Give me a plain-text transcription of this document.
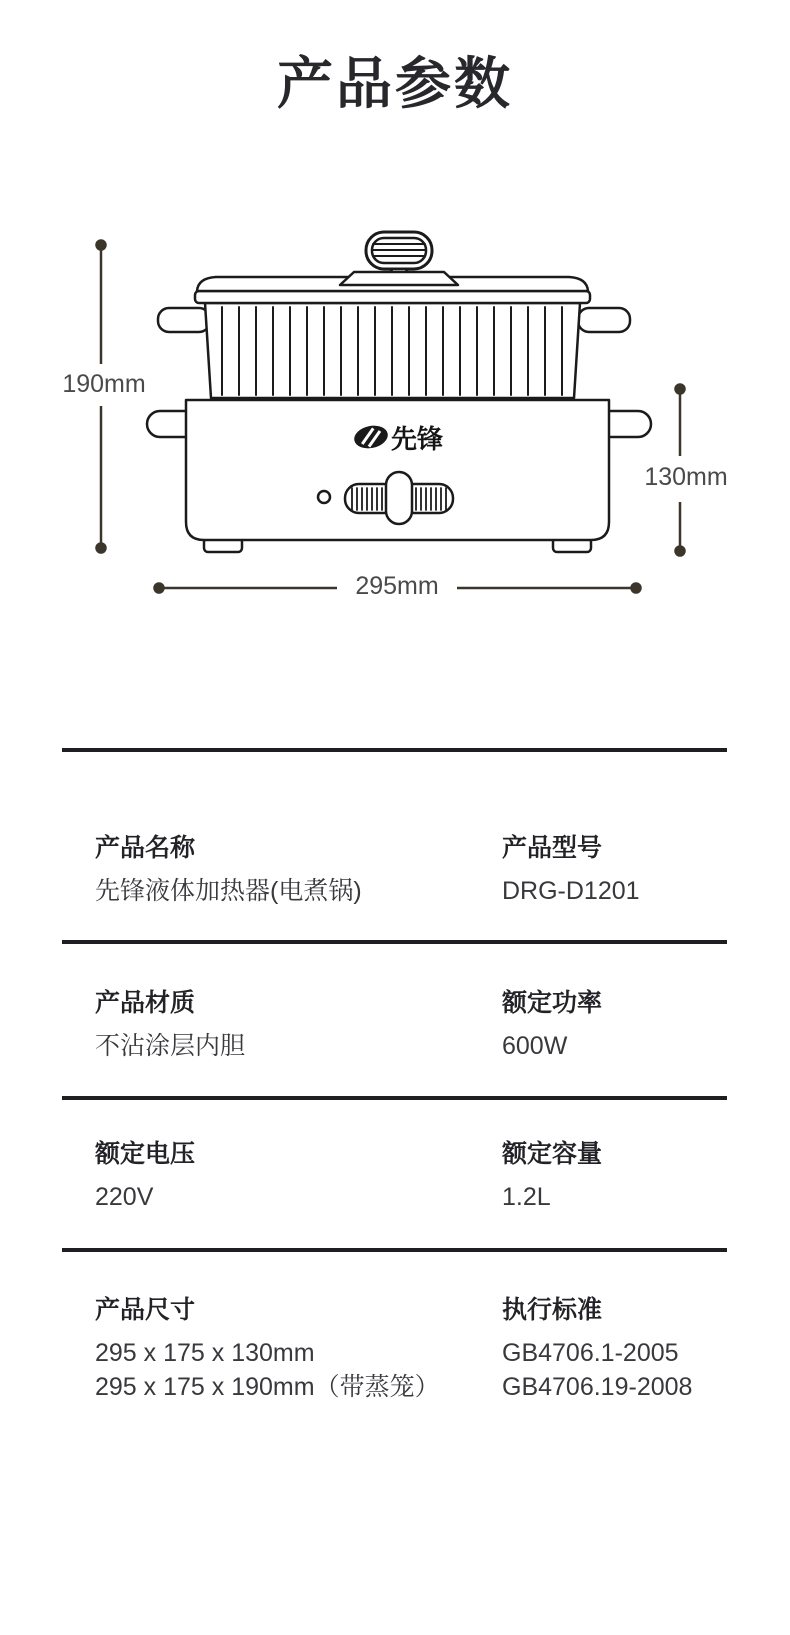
产品参数
先锋
190mm
130mm
295mm
产品名称
先锋液体加热器(电煮锅)
产品型号
DRG-D1201
产品材质
不沾涂层内胆
额定功率
600W
额定电压
220V
额定容量
1.2L
产品尺寸
295 x 175 x 130mm
295 x 175 x 190mm（带蒸笼）
执行标准
GB4706.1-2005
GB4706.19-2008
